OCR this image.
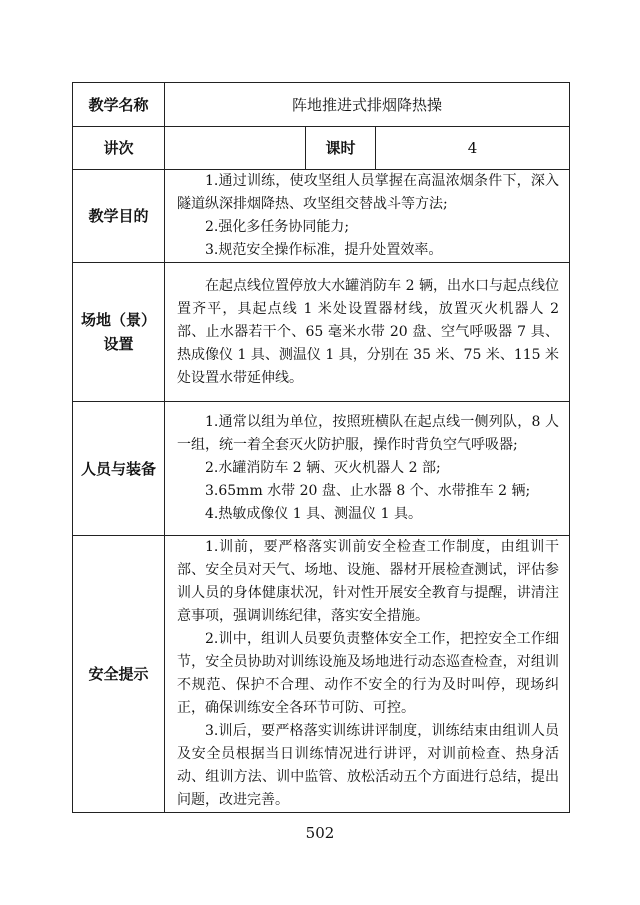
教学名称	阵地推进式排烟降热操		
讲次		课时	4
教学目的	1.通过训练，使攻坚组人员掌握在高温浓烟条件下，深入隧道纵深排烟降热、攻坚组交替战斗等方法;

2.强化多任务协同能力;

3.规范安全操作标准，提升处置效率。		

场地（景）
设置	在起点线位置停放大水罐消防车 2 辆，出水口与起点线位置齐平，具起点线 1 米处设置器材线，放置灭火机器人 2 部、止水器若干个、65 毫米水带 20 盘、空气呼吸器 7 具、热成像仪 1 具、测温仪 1 具，分别在 35 米、75 米、115 米处设置水带延伸线。		

人员与装备	1.通常以组为单位，按照班横队在起点线一侧列队，8 人一组，统一着全套灭火防护服，操作时背负空气呼吸器;

2.水罐消防车 2 辆、灭火机器人 2 部;

3.65mm 水带 20 盘、止水器 8 个、水带推车 2 辆;

4.热敏成像仪 1 具、测温仪 1 具。		

安全提示	1.训前，要严格落实训前安全检查工作制度，由组训干部、安全员对天气、场地、设施、器材开展检查测试，评估参训人员的身体健康状况，针对性开展安全教育与提醒，讲清注意事项，强调训练纪律，落实安全措施。

2.训中，组训人员要负责整体安全工作，把控安全工作细节，安全员协助对训练设施及场地进行动态巡查检查，对组训不规范、保护不合理、动作不安全的行为及时叫停，现场纠正，确保训练安全各环节可防、可控。

3.训后，要严格落实训练讲评制度，训练结束由组训人员及安全员根据当日训练情况进行讲评，对训前检查、热身活动、组训方法、训中监管、放松活动五个方面进行总结，提出问题，改进完善。		

502
